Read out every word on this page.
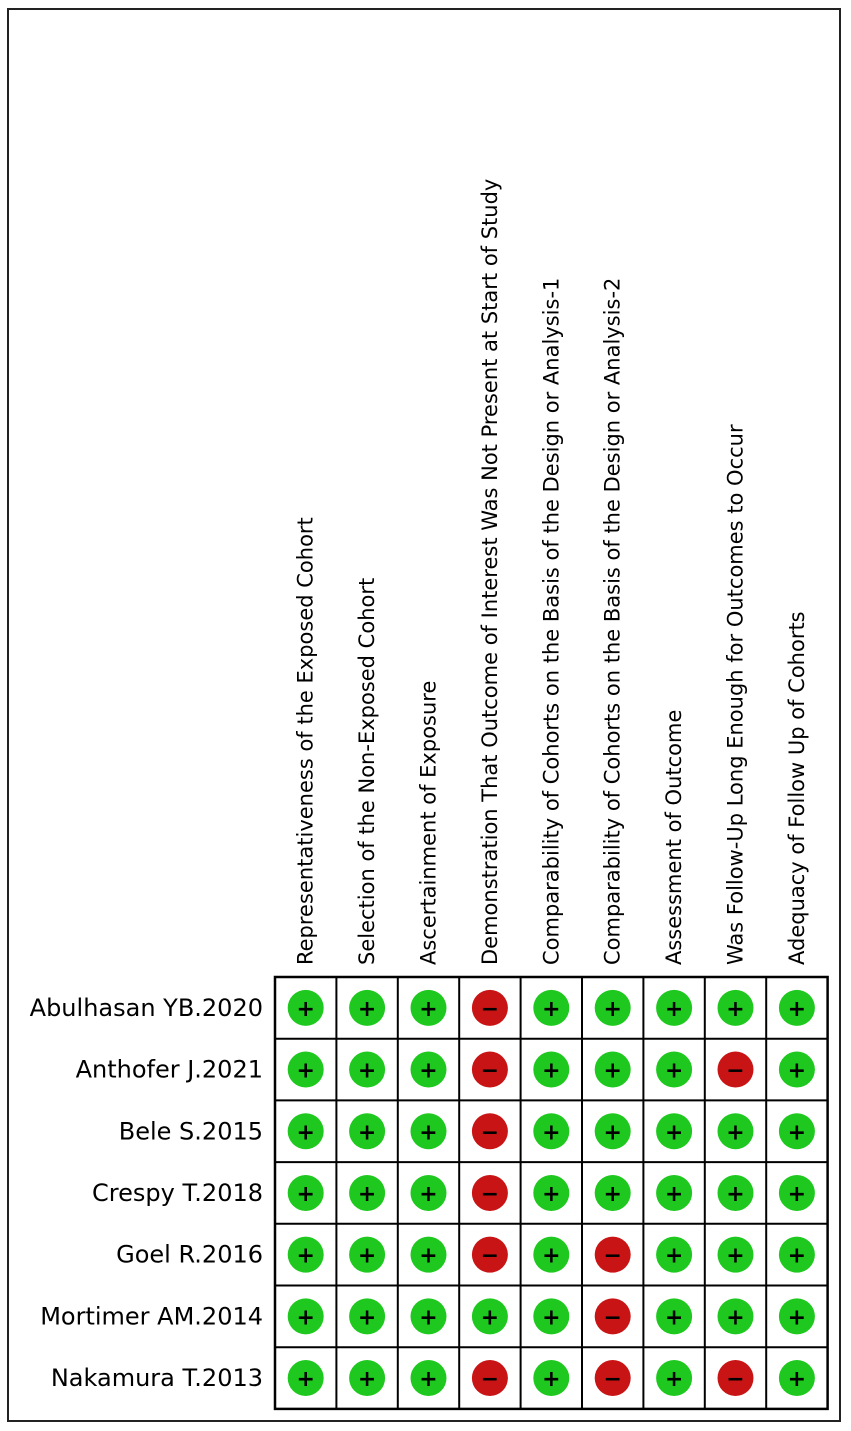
Representativeness of the Exposed Cohort Selection of the Non-Exposed Cohort Ascertainment of Exposure Demonstration That Outcome of Interest Was Not Present at Start of Study Comparability of Cohorts on the Basis of the Design or Analysis-1 Comparability of Cohorts on the Basis of the Design or Analysis-2 Assessment of Outcome Was Follow-Up Long Enough for Outcomes to Occur Adequacy of Follow Up of Cohorts
Abulhasan YB.2020
Anthofer J.2021
Bele S.2015
Crespy T.2018
Goel R.2016
Mortimer AM.2014
Nakamura T.2013
+ + + − + + + + +
+ + + − + + + − +
+ + + − + + + + +
+ + + − + + + + +
+ + + − + − + + +
+ + + + + − + + +
+ + + − + − + − +
